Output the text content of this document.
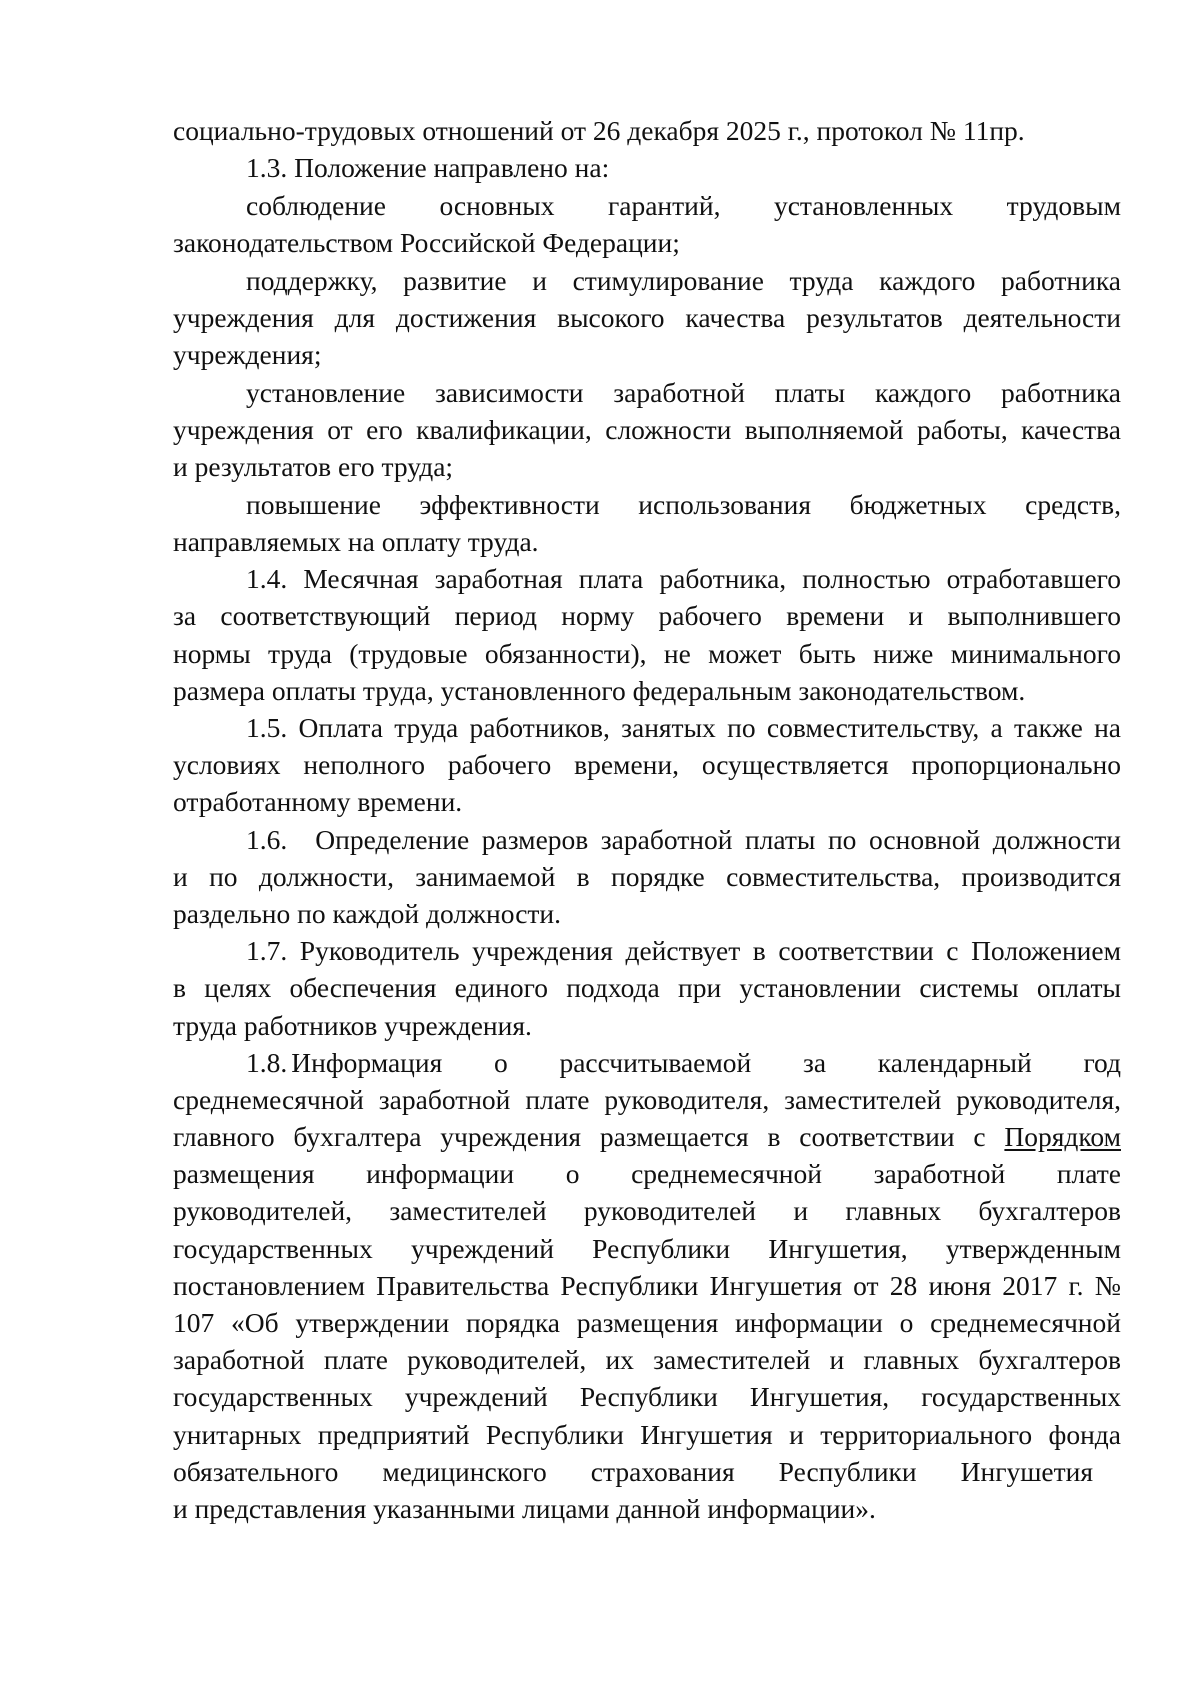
социально-трудовых отношений от 26 декабря 2025 г., протокол № 11пр.
1.3. Положение направлено на:
соблюдение основных гарантий, установленных трудовым
законодательством Российской Федерации;
поддержку, развитие и стимулирование труда каждого работника
учреждения для достижения высокого качества результатов деятельности
учреждения;
установление зависимости заработной платы каждого работника
учреждения от его квалификации, сложности выполняемой работы, качества
и результатов его труда;
повышение эффективности использования бюджетных средств,
направляемых на оплату труда.
1.4. Месячная заработная плата работника, полностью отработавшего
за соответствующий период норму рабочего времени и выполнившего
нормы труда (трудовые обязанности), не может быть ниже минимального
размера оплаты труда, установленного федеральным законодательством.
1.5. Оплата труда работников, занятых по совместительству, а также на
условиях неполного рабочего времени, осуществляется пропорционально
отработанному времени.
1.6. Определение размеров заработной платы по основной должности
и по должности, занимаемой в порядке совместительства, производится
раздельно по каждой должности.
1.7. Руководитель учреждения действует в соответствии с Положением
в целях обеспечения единого подхода при установлении системы оплаты
труда работников учреждения.
1.8. Информация о рассчитываемой за календарный год
среднемесячной заработной плате руководителя, заместителей руководителя,
главного бухгалтера учреждения размещается в соответствии с Порядком
размещения информации о среднемесячной заработной плате
руководителей, заместителей руководителей и главных бухгалтеров
государственных учреждений Республики Ингушетия, утвержденным
постановлением Правительства Республики Ингушетия от 28 июня 2017 г. №
107 «Об утверждении порядка размещения информации о среднемесячной
заработной плате руководителей, их заместителей и главных бухгалтеров
государственных учреждений Республики Ингушетия, государственных
унитарных предприятий Республики Ингушетия и территориального фонда
обязательного медицинского страхования Республики Ингушетия
и представления указанными лицами данной информации».
